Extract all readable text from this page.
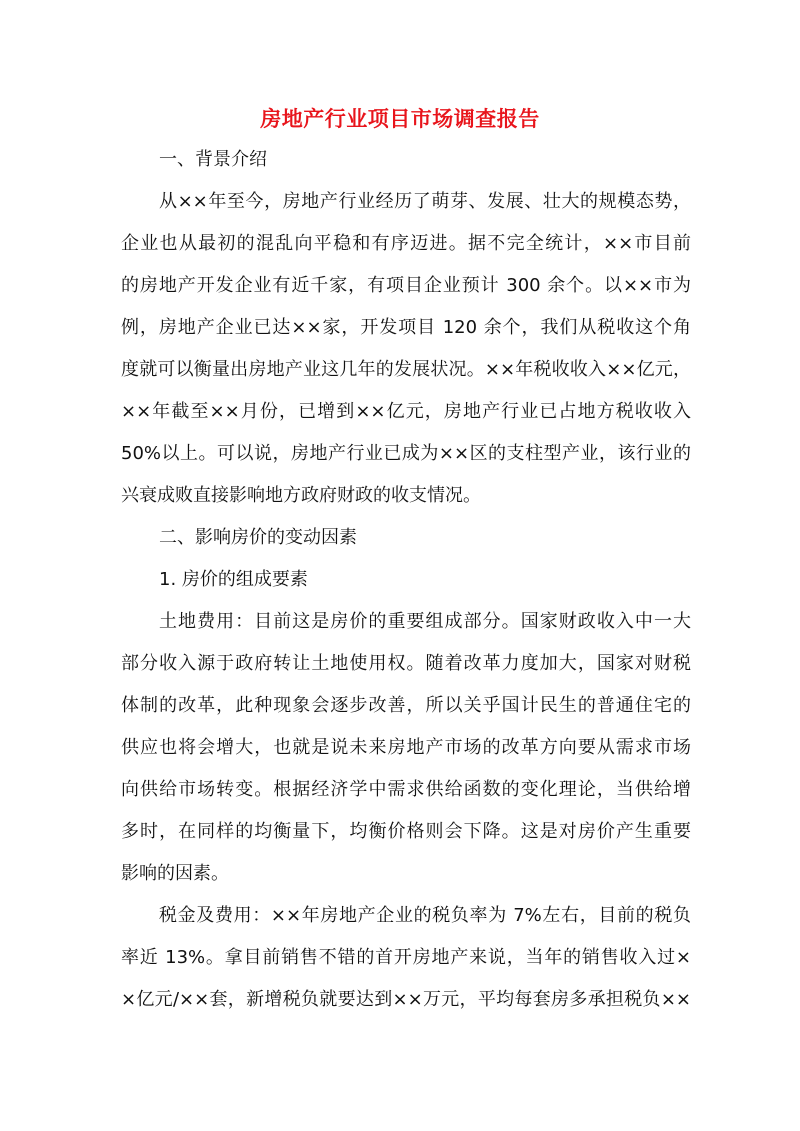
房地产行业项目市场调查报告
一、背景介绍
从××年至今，房地产行业经历了萌芽、发展、壮大的规模态势，
企业也从最初的混乱向平稳和有序迈进。据不完全统计，××市目前
的房地产开发企业有近千家，有项目企业预计 300 余个。以××市为
例，房地产企业已达××家，开发项目 120 余个，我们从税收这个角
度就可以衡量出房地产业这几年的发展状况。××年税收收入××亿元，
××年截至××月份，已增到××亿元，房地产行业已占地方税收收入
50%以上。可以说，房地产行业已成为××区的支柱型产业，该行业的
兴衰成败直接影响地方政府财政的收支情况。
二、影响房价的变动因素
1. 房价的组成要素
土地费用：目前这是房价的重要组成部分。国家财政收入中一大
部分收入源于政府转让土地使用权。随着改革力度加大，国家对财税
体制的改革，此种现象会逐步改善，所以关乎国计民生的普通住宅的
供应也将会增大，也就是说未来房地产市场的改革方向要从需求市场
向供给市场转变。根据经济学中需求供给函数的变化理论，当供给增
多时，在同样的均衡量下，均衡价格则会下降。这是对房价产生重要
影响的因素。
税金及费用：××年房地产企业的税负率为 7%左右，目前的税负
率近 13%。拿目前销售不错的首开房地产来说，当年的销售收入过×
×亿元/××套，新增税负就要达到××万元，平均每套房多承担税负××
